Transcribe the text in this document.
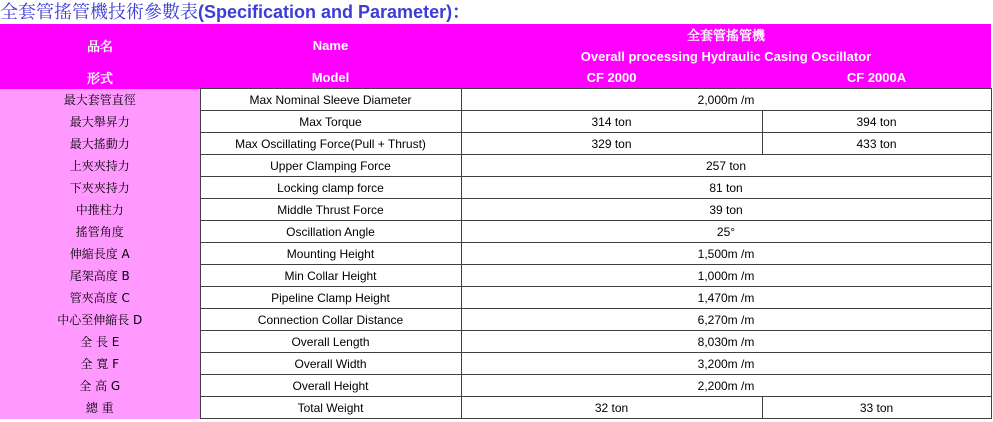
全套管搖管機技術參數表(Specification and Parameter)：
品名	Name	全套管搖管機
Overall processing Hydraulic Casing Oscillator	

形式	Model	CF 2000	CF 2000A
最大套管直徑	Max Nominal Sleeve Diameter	2,000m /m	
最大舉昇力	Max Torque	314 ton	394 ton
最大搖動力	Max Oscillating Force(Pull + Thrust)	329 ton	433 ton
上夾夾持力	Upper Clamping Force	257 ton	
下夾夾持力	Locking clamp force	81 ton	
中推柱力	Middle Thrust Force	39 ton	
搖管角度	Oscillation Angle	25°	
伸縮長度 A	Mounting Height	1,500m /m	
尾架高度 B	Min Collar Height	1,000m /m	
管夾高度 C	Pipeline Clamp Height	1,470m /m	
中心至伸縮長 D	Connection Collar Distance	6,270m /m	
全 長 E	Overall Length	8,030m /m	
全 寬 F	Overall Width	3,200m /m	
全 高 G	Overall Height	2,200m /m	
總 重	Total Weight	32 ton	33 ton
